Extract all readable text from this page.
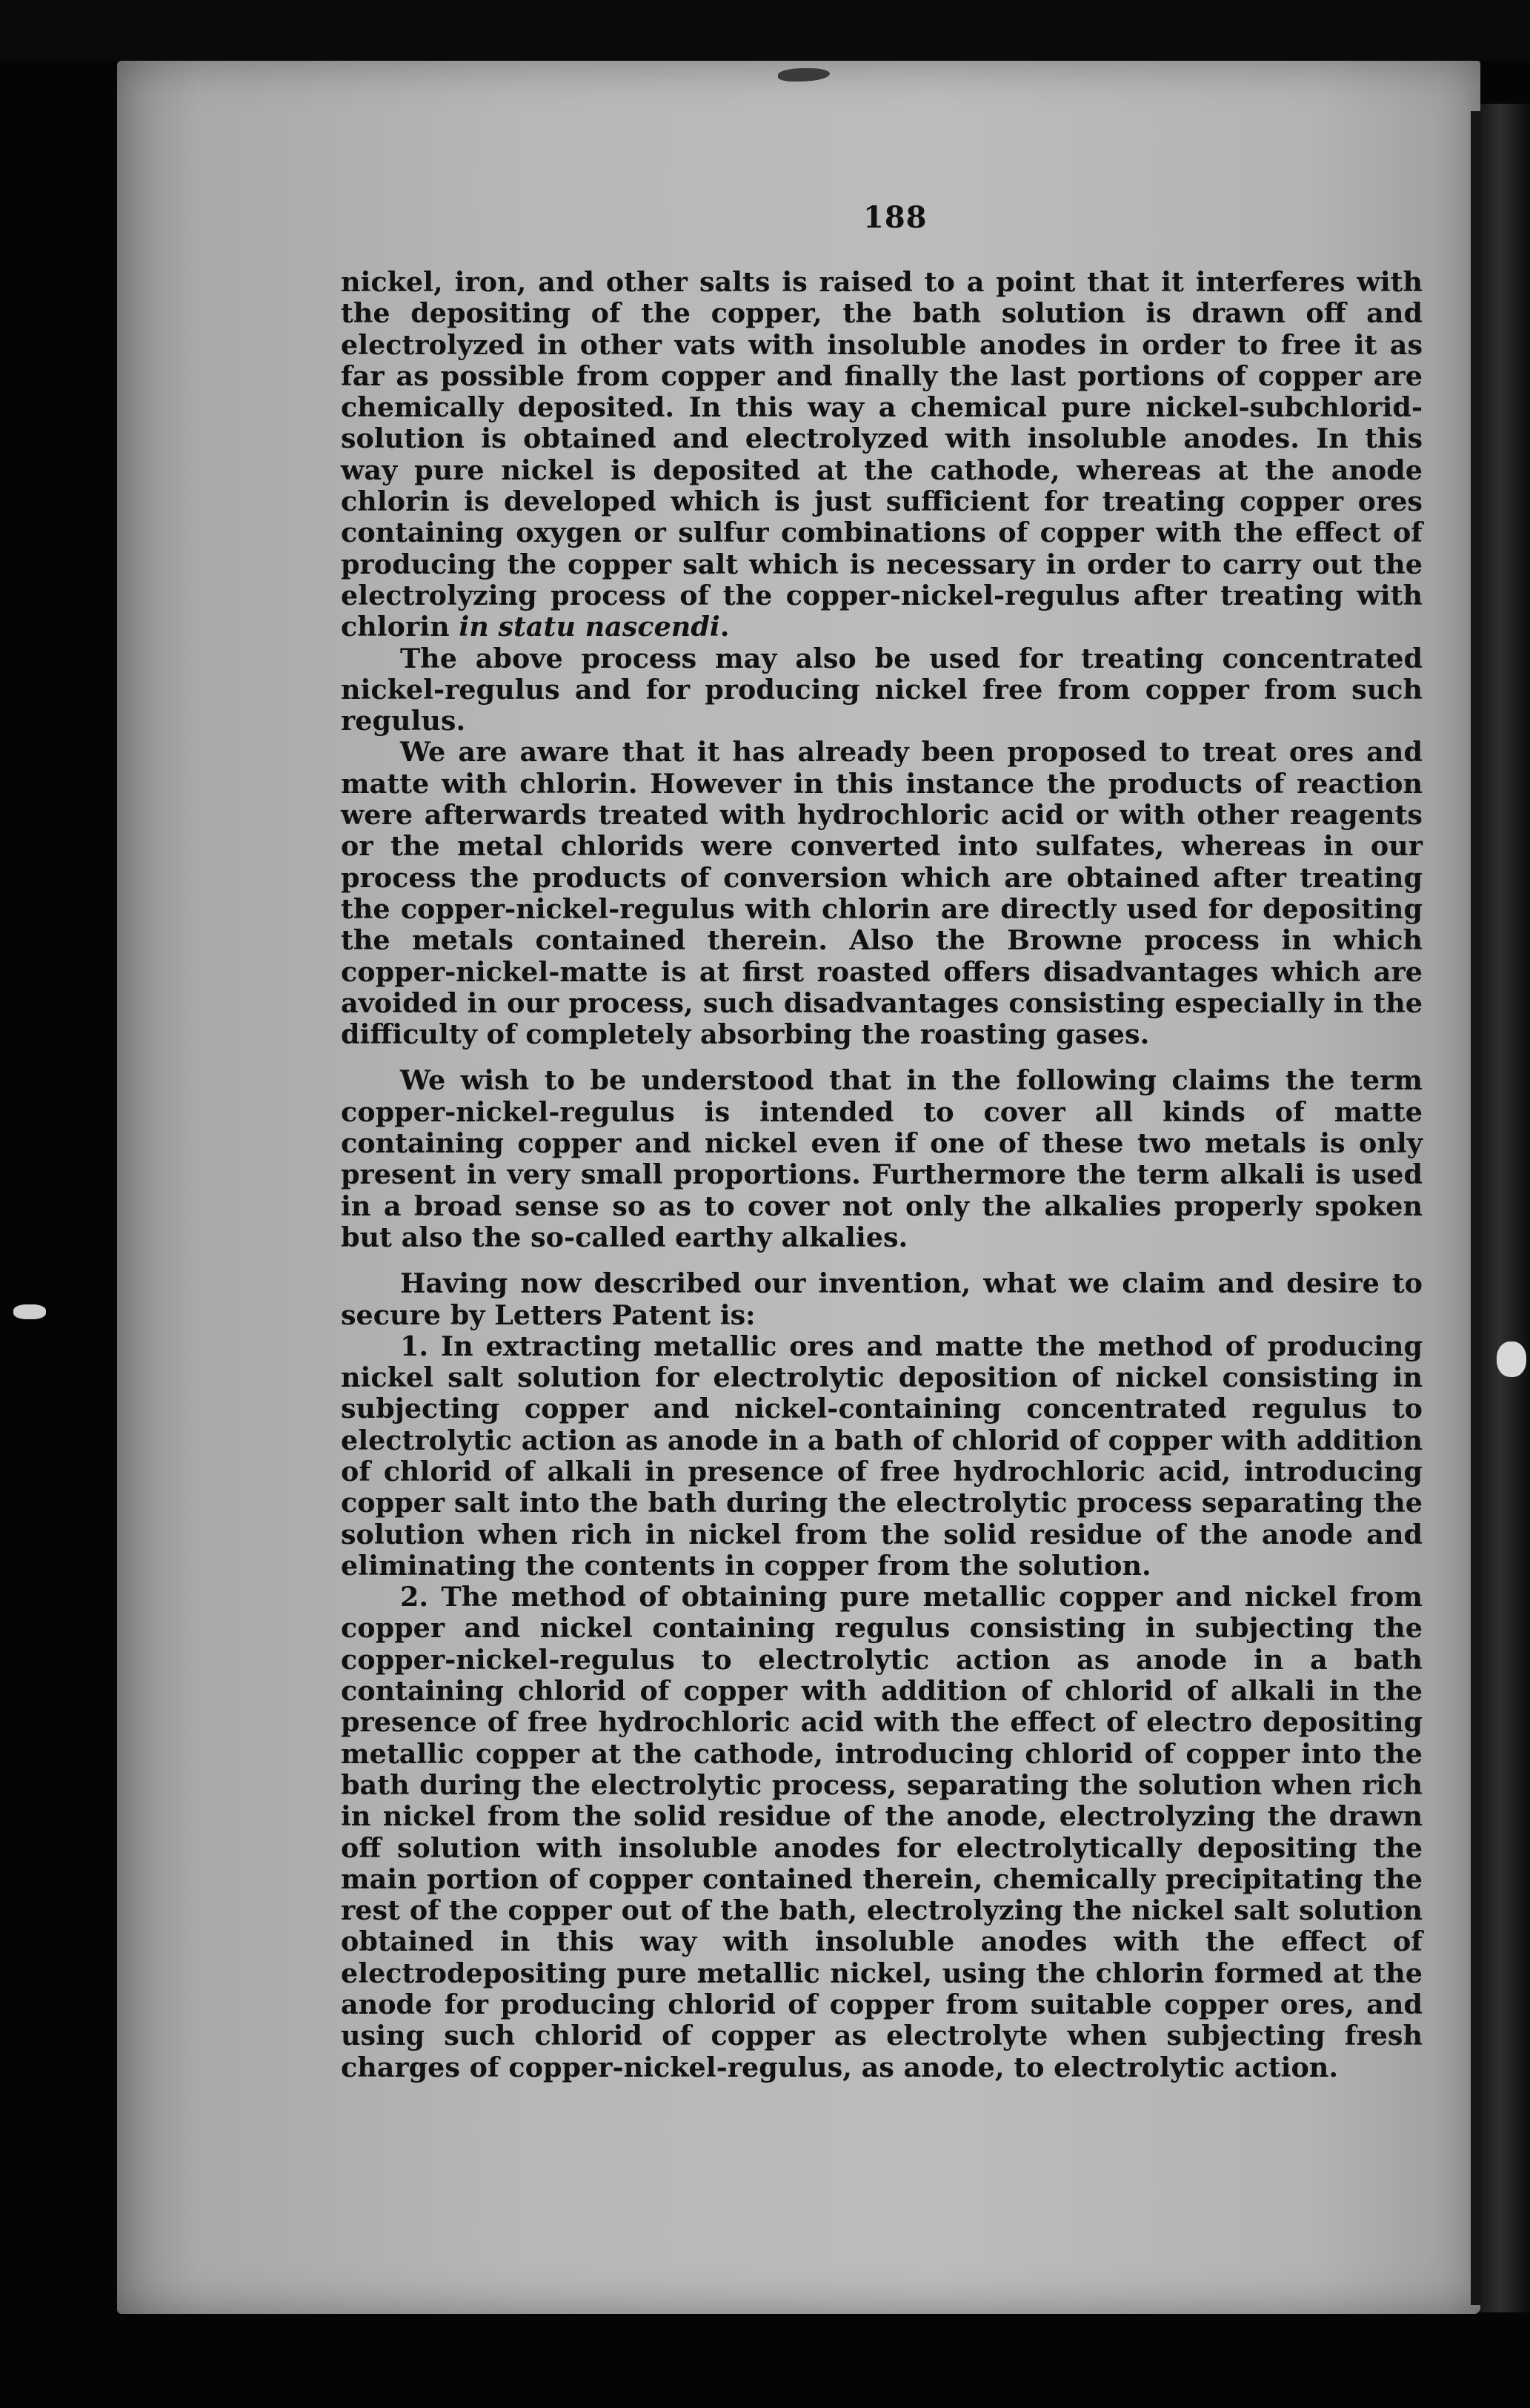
188

nickel, iron, and other salts is raised to a point that it interferes with the depositing of the copper, the bath solution is drawn off and electrolyzed in other vats with insoluble anodes in order to free it as far as possible from copper and finally the last portions of copper are chemically deposited. In this way a chemical pure nickel-subchlorid-solution is obtained and electrolyzed with insoluble anodes. In this way pure nickel is deposited at the cathode, whereas at the anode chlorin is developed which is just sufficient for treating copper ores containing oxygen or sulfur combinations of copper with the effect of producing the copper salt which is necessary in order to carry out the electrolyzing process of the copper-nickel-regulus after treating with chlorin in statu nascendi.

The above process may also be used for treating concentrated nickel-regulus and for producing nickel free from copper from such regulus.

We are aware that it has already been proposed to treat ores and matte with chlorin. However in this instance the products of reaction were afterwards treated with hydrochloric acid or with other reagents or the metal chlorids were converted into sulfates, whereas in our process the products of conversion which are obtained after treating the copper-nickel-regulus with chlorin are directly used for depositing the metals contained therein. Also the Browne process in which copper-nickel-matte is at first roasted offers disadvantages which are avoided in our process, such disadvantages consisting especially in the difficulty of completely absorbing the roasting gases.

We wish to be understood that in the following claims the term copper-nickel-regulus is intended to cover all kinds of matte containing copper and nickel even if one of these two metals is only present in very small proportions. Furthermore the term alkali is used in a broad sense so as to cover not only the alkalies properly spoken but also the so-called earthy alkalies.

Having now described our invention, what we claim and desire to secure by Letters Patent is:

1. In extracting metallic ores and matte the method of producing nickel salt solution for electrolytic deposition of nickel consisting in subjecting copper and nickel-containing concentrated regulus to electrolytic action as anode in a bath of chlorid of copper with addition of chlorid of alkali in presence of free hydrochloric acid, introducing copper salt into the bath during the electrolytic process separating the solution when rich in nickel from the solid residue of the anode and eliminating the contents in copper from the solution.

2. The method of obtaining pure metallic copper and nickel from copper and nickel containing regulus consisting in subjecting the copper-nickel-regulus to electrolytic action as anode in a bath containing chlorid of copper with addition of chlorid of alkali in the presence of free hydrochloric acid with the effect of electro depositing metallic copper at the cathode, introducing chlorid of copper into the bath during the electrolytic process, separating the solution when rich in nickel from the solid residue of the anode, electrolyzing the drawn off solution with insoluble anodes for electrolytically depositing the main portion of copper contained therein, chemically precipitating the rest of the copper out of the bath, electrolyzing the nickel salt solution obtained in this way with insoluble anodes with the effect of electrodepositing pure metallic nickel, using the chlorin formed at the anode for producing chlorid of copper from suitable copper ores, and using such chlorid of copper as electrolyte when subjecting fresh charges of copper-nickel-regulus, as anode, to electrolytic action.
